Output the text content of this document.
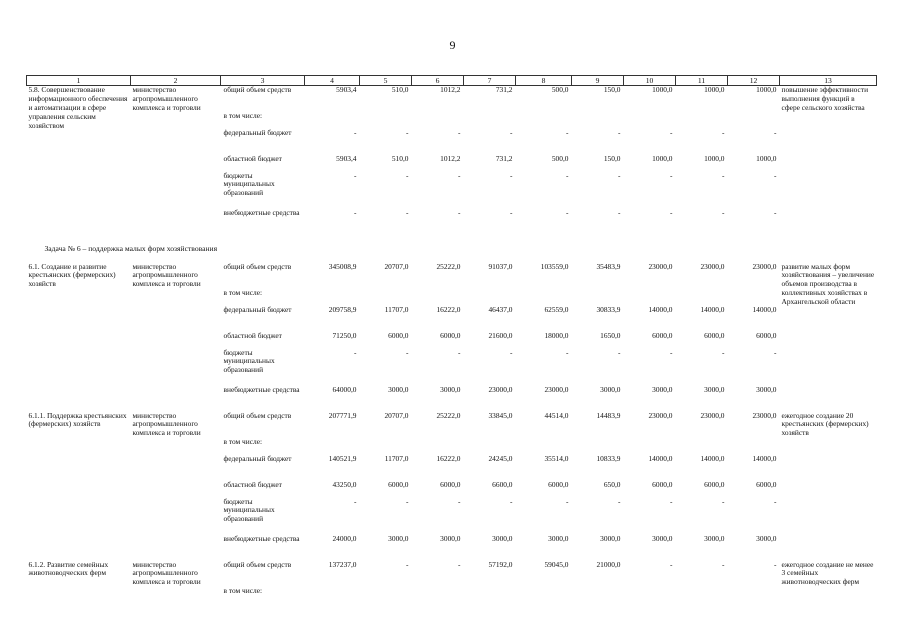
9
1	2	3	4	5	6	7	8	9	10	11	12	13
5.8. Совершенствование информационного обеспечения и автоматизации в сфере управления сельским хозяйством	министерство агропромышленного комплекса и торговли	общий объем средств	5903,4	510,0	1012,2	731,2	500,0	150,0	1000,0	1000,0	1000,0	повышение эффективности выполнения функций в сфере сельского хозяйства
		в том числе:										
		федеральный бюджет	-	-	-	-	-	-	-	-	-	
		областной бюджет	5903,4	510,0	1012,2	731,2	500,0	150,0	1000,0	1000,0	1000,0	
		бюджеты муниципальных образований	-	-	-	-	-	-	-	-	-	
		внебюджетные средства	-	-	-	-	-	-	-	-	-	

Задача № 6 – поддержка малых форм хозяйствования												

6.1. Создание и развитие крестьянских (фермерских) хозяйств	министерство агропромышленного комплекса и торговли	общий объем средств	345008,9	20707,0	25222,0	91037,0	103559,0	35483,9	23000,0	23000,0	23000,0	развитие малых форм хозяйствования – увеличение объемов производства в коллективных хозяйствах в Архангельской области
		в том числе:										
		федеральный бюджет	209758,9	11707,0	16222,0	46437,0	62559,0	30833,9	14000,0	14000,0	14000,0	
		областной бюджет	71250,0	6000,0	6000,0	21600,0	18000,0	1650,0	6000,0	6000,0	6000,0	
		бюджеты муниципальных образований	-	-	-	-	-	-	-	-	-	
		внебюджетные средства	64000,0	3000,0	3000,0	23000,0	23000,0	3000,0	3000,0	3000,0	3000,0	
6.1.1. Поддержка крестьянских (фермерских) хозяйств	министерство агропромышленного комплекса и торговли	общий объем средств	207771,9	20707,0	25222,0	33845,0	44514,0	14483,9	23000,0	23000,0	23000,0	ежегодное создание 20 крестьянских (фермерских) хозяйств
		в том числе:										
		федеральный бюджет	140521,9	11707,0	16222,0	24245,0	35514,0	10833,9	14000,0	14000,0	14000,0	
		областной бюджет	43250,0	6000,0	6000,0	6600,0	6000,0	650,0	6000,0	6000,0	6000,0	
		бюджеты муниципальных образований	-	-	-	-	-	-	-	-	-	
		внебюджетные средства	24000,0	3000,0	3000,0	3000,0	3000,0	3000,0	3000,0	3000,0	3000,0	
6.1.2. Развитие семейных животноводческих ферм	министерство агропромышленного комплекса и торговли	общий объем средств	137237,0	-	-	57192,0	59045,0	21000,0	-	-	-	ежегодное создание не менее 3 семейных животноводческих ферм
		в том числе:										
